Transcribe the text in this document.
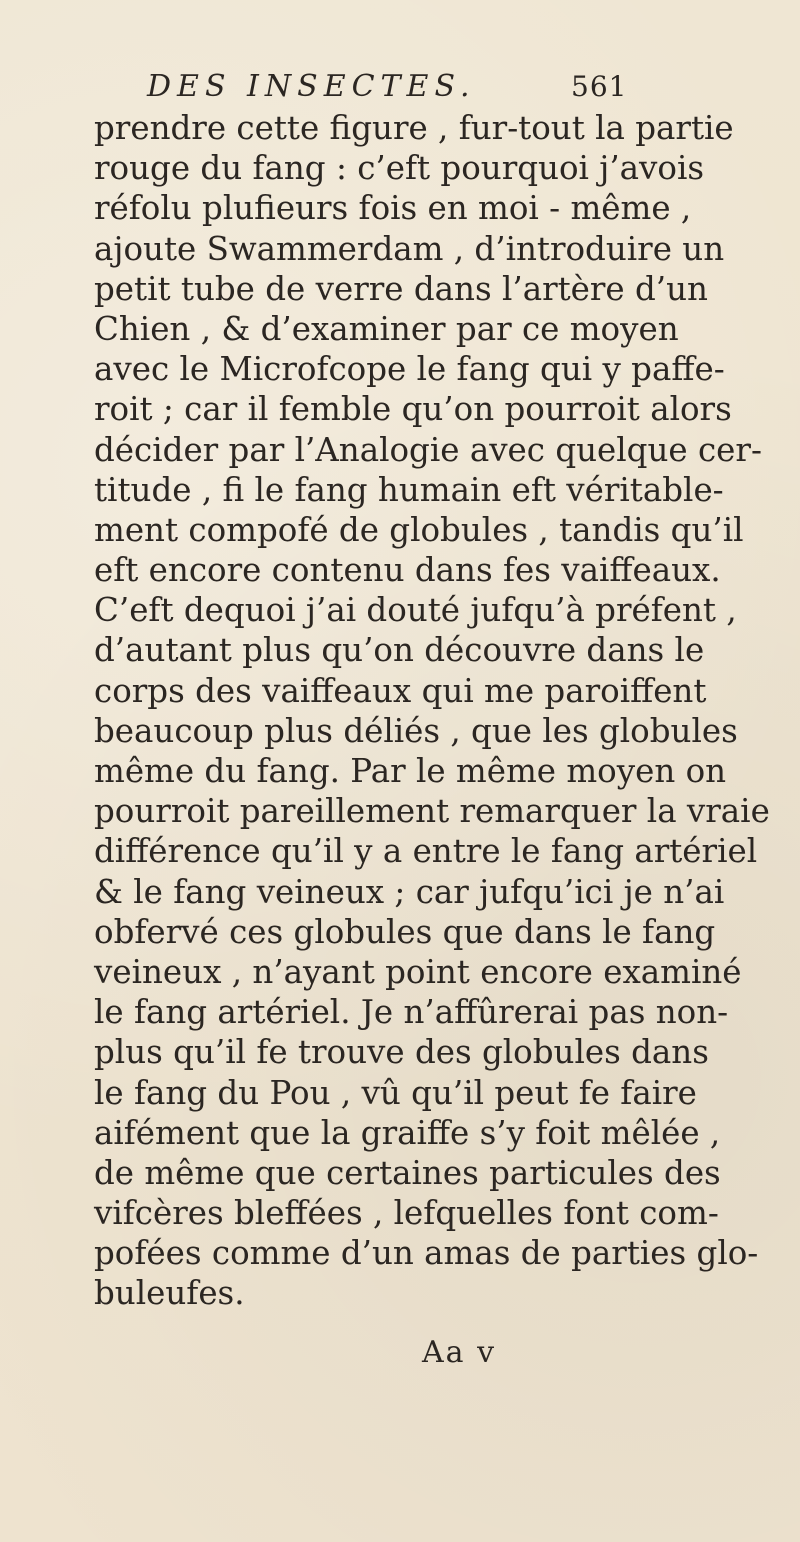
DES INSECTES.	561
prendre cette figure , fur-tout la partie
rouge du fang : c’eft pourquoi j’avois
réfolu plufieurs fois en moi - même ,
ajoute Swammerdam , d’introduire un
petit tube de verre dans l’artère d’un
Chien , & d’examiner par ce moyen
avec le Microfcope le fang qui y paffe-
roit ; car il femble qu’on pourroit alors
décider par l’Analogie avec quelque cer-
titude , fi le fang humain eft véritable-
ment compofé de globules , tandis qu’il
eft encore contenu dans fes vaiffeaux.
C’eft dequoi j’ai douté jufqu’à préfent ,
d’autant plus qu’on découvre dans le
corps des vaiffeaux qui me paroiffent
beaucoup plus déliés , que les globules
même du fang. Par le même moyen on
pourroit pareillement remarquer la vraie
différence qu’il y a entre le fang artériel
& le fang veineux ; car jufqu’ici je n’ai
obfervé ces globules que dans le fang
veineux , n’ayant point encore examiné
le fang artériel. Je n’affûrerai pas non-
plus qu’il fe trouve des globules dans
le fang du Pou , vû qu’il peut fe faire
aifément que la graiffe s’y foit mêlée ,
de même que certaines particules des
vifcères bleffées , lefquelles font com-
pofées comme d’un amas de parties glo-
buleufes.
Aa v
